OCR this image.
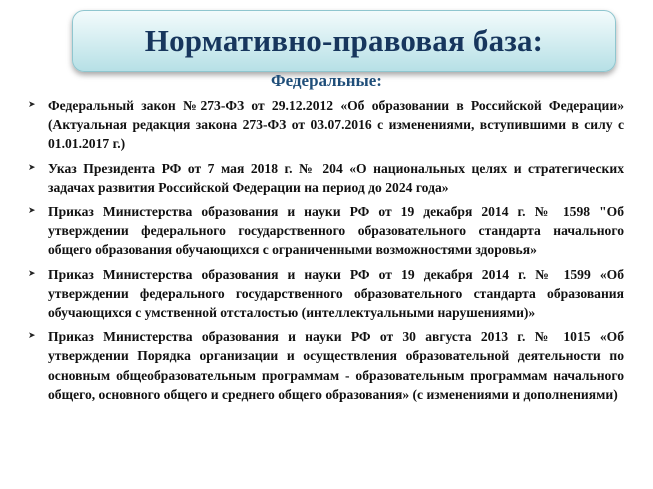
Нормативно-правовая база:
Федеральные:
➤ Федеральный закон №273-ФЗ от 29.12.2012 «Об образовании в Российской Федерации» (Актуальная редакция закона 273-ФЗ от 03.07.2016 с изменениями, вступившими в силу с 01.01.2017 г.)
➤ Указ Президента РФ от 7 мая 2018 г. № 204 «О национальных целях и стратегических задачах развития Российской Федерации на период до 2024 года»
➤ Приказ Министерства образования и науки РФ от 19 декабря 2014 г. № 1598 "Об утверждении федерального государственного образовательного стандарта начального общего образования обучающихся с ограниченными возможностями здоровья»
➤ Приказ Министерства образования и науки РФ от 19 декабря 2014 г. № 1599 «Об утверждении федерального государственного образовательного стандарта образования обучающихся с умственной отсталостью (интеллектуальными нарушениями)»
➤ Приказ Министерства образования и науки РФ от 30 августа 2013 г. № 1015 «Об утверждении Порядка организации и осуществления образовательной деятельности по основным общеобразовательным программам - образовательным программам начального общего, основного общего и среднего общего образования» (с изменениями и дополнениями)
